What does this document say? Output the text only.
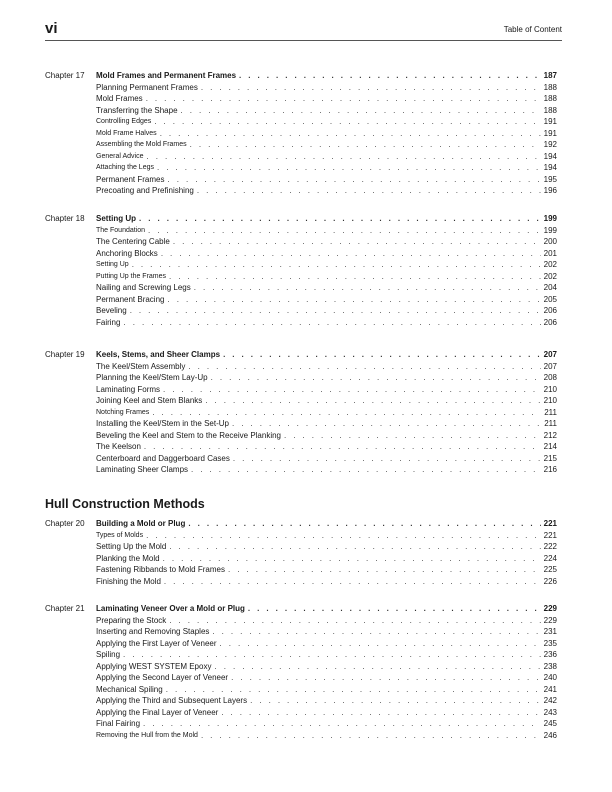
vi	Table of Content
Chapter 17	Mold Frames and Permanent Frames . . .	187
Planning Permanent Frames . . .	188
Mold Frames . . .	188
Transferring the Shape . . .	188
Controlling Edges . . .	191
Mold Frame Halves . . .	191
Assembling the Mold Frames . . .	192
General Advice . . .	194
Attaching the Legs . . .	194
Permanent Frames . . .	195
Precoating and Prefinishing . . .	196
Chapter 18	Setting Up . . .	199
The Foundation . . .	199
The Centering Cable . . .	200
Anchoring Blocks . . .	201
Setting Up . . .	202
Putting Up the Frames . . .	202
Nailing and Screwing Legs . . .	204
Permanent Bracing . . .	205
Beveling . . .	206
Fairing . . .	206
Chapter 19	Keels, Stems, and Sheer Clamps . . .	207
The Keel/Stem Assembly . . .	207
Planning the Keel/Stem Lay-Up . . .	208
Laminating Forms . . .	210
Joining Keel and Stem Blanks . . .	210
Notching Frames . . .	211
Installing the Keel/Stem in the Set-Up . . .	211
Beveling the Keel and Stem to the Receive Planking . . .	212
The Keelson . . .	214
Centerboard and Daggerboard Cases . . .	215
Laminating Sheer Clamps . . .	216
Hull Construction Methods
Chapter 20	Building a Mold or Plug . . .	221
Types of Molds . . .	221
Setting Up the Mold . . .	222
Planking the Mold . . .	224
Fastening Ribbands to Mold Frames . . .	225
Finishing the Mold . . .	226
Chapter 21	Laminating Veneer Over a Mold or Plug . . .	229
Preparing the Stock . . .	229
Inserting and Removing Staples . . .	231
Applying the First Layer of Veneer . . .	235
Spiling . . .	236
Applying WEST SYSTEM Epoxy . . .	238
Applying the Second Layer of Veneer . . .	240
Mechanical Spiling . . .	241
Applying the Third and Subsequent Layers . . .	242
Applying the Final Layer of Veneer . . .	243
Final Fairing . . .	245
Removing the Hull from the Mold . . .	246
